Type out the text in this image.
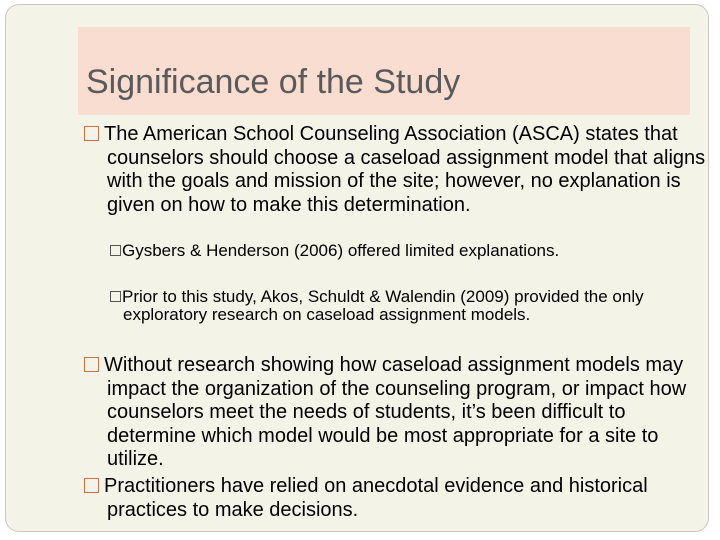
Significance of the Study

The American School Counseling Association (ASCA) states that counselors should choose a caseload assignment model that aligns with the goals and mission of the site; however, no explanation is given on how to make this determination.

Gysbers & Henderson (2006) offered limited explanations.

Prior to this study, Akos, Schuldt & Walendin (2009) provided the only exploratory research on caseload assignment models.

Without research showing how caseload assignment models may impact the organization of the counseling program, or impact how counselors meet the needs of students, it’s been difficult to determine which model would be most appropriate for a site to utilize.

Practitioners have relied on anecdotal evidence and historical practices to make decisions.
